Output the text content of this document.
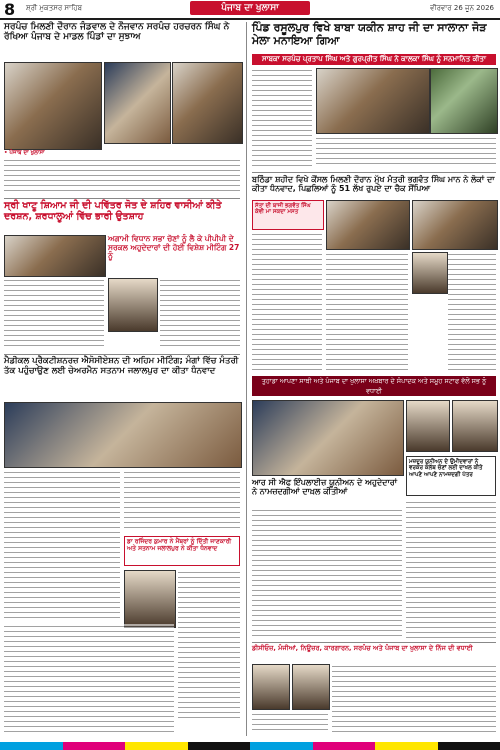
8 ਸ਼੍ਰੀ ਮੁਕਤਸਰ ਸਾਹਿਬ	ਪੰਜਾਬ ਦਾ ਖੁਲਾਸਾ	ਵੀਰਵਾਰ 26 ਜੂਨ 2026
ਸਰਪੰਚ ਮਿਲਣੀ ਦੌਰਾਨ ਜੰਡਵਾਲ ਦੇ ਨੌਜਵਾਨ ਸਰਪੰਚ ਹਰਚਰਨ ਸਿੰਘ ਨੇ ਰੱਖਿਆ ਪੰਜਾਬ ਦੇ ਮਾਡਲ ਪਿੰਡਾਂ ਦਾ ਸੁਝਾਅ
• ਪੰਜਾਬ ਦਾ ਖੁਲਾਸਾ
ਸ੍ਰੀ ਖਾਟੂ ਸ਼ਿਆਮ ਜੀ ਦੀ ਪਵਿੱਤਰ ਜੋਤ ਦੇ ਸ਼ਹਿਰ ਵਾਸੀਆਂ ਕੀਤੇ ਦਰਸ਼ਨ, ਸ਼ਰਧਾਲੂਆਂ ਵਿੱਚ ਭਾਰੀ ਉਤਸ਼ਾਹ
ਅਗਾਮੀ ਵਿਧਾਨ ਸਭਾ ਚੋਣਾਂ ਨੂੰ ਲੈ ਕੇ ਪੀਪੀਪੀ ਦੇ ਸਰਕਲ ਅਹੁਦੇਦਾਰਾਂ ਦੀ ਹੋਈ ਵਿਸ਼ੇਸ਼ ਮੀਟਿੰਗ 27 ਨੂੰ
ਮੈਡੀਕਲ ਪ੍ਰੈਕਟੀਸ਼ਨਰਜ਼ ਐਸੋਸੀਏਸ਼ਨ ਦੀ ਅਹਿਮ ਮੀਟਿੰਗ; ਮੰਗਾਂ ਵਿੱਚ ਮੰਤਰੀ ਤੱਕ ਪਹੁੰਚਾਉਣ ਲਈ ਚੇਅਰਮੈਨ ਸਤਨਾਮ ਜਲਾਲਪੁਰ ਦਾ ਕੀਤਾ ਧੰਨਵਾਦ
ਡਾ ਰਜਿੰਦਰ ਕੁਮਾਰ ਨੇ ਮੈਂਬਰਾਂ ਨੂੰ ਦਿੱਤੀ ਜਾਣਕਾਰੀ ਅਤੇ ਸਤਨਾਮ ਜਲਾਲਪੁਰ ਨੇ ਕੀਤਾ ਧੰਨਵਾਦ
ਪਿੰਡ ਰਸੂਲਪੁਰ ਵਿਖੇ ਬਾਬਾ ਯਕੀਨ ਸ਼ਾਹ ਜੀ ਦਾ ਸਾਲਾਨਾ ਜੋੜ ਮੇਲਾ ਮਨਾਇਆ ਗਿਆ
ਸਾਬਕਾ ਸਰਪੰਚ ਪ੍ਰਤਾਪ ਸਿੰਘ ਅਤੇ ਗੁਰਪ੍ਰੀਤ ਸਿੰਘ ਨੇ ਕਾਲਕਾ ਸਿੰਘ ਨੂੰ ਸਨਮਾਨਿਤ ਕੀਤਾ
ਬਠਿੰਡਾ ਸ਼ਹੀਦ ਵਿਖੇ ਕੌਂਸਲ ਮਿਲਣੀ ਦੌਰਾਨ ਮੁੱਖ ਮੰਤਰੀ ਭਗਵੰਤ ਸਿੰਘ ਮਾਨ ਨੇ ਲੋਕਾਂ ਦਾ ਕੀਤਾ ਧੰਨਵਾਦ, ਪਿਛਲਿਆਂ ਨੂੰ 51 ਲੱਖ ਰੁਪਏ ਦਾ ਚੈਕ ਸੌਂਪਿਆ
ਸੱਤਾ ਦੀ ਬਾਜੀ ਭਗਵੰਤ ਸਿੰਘ ਕੇਵੀ ਮਾ ਸਕਦਾ ਮਸਤ
ਤੁਹਾਡਾ ਆਪਣਾ ਸਾਥੀ ਅਤੇ ਪੰਜਾਬ ਦਾ ਖੁਲਾਸਾ ਅਖ਼ਬਾਰ ਦੇ ਸੰਪਾਦਕ ਅਤੇ ਸਮੂਹ ਸਟਾਫ ਵੱਲੋਂ ਸਭ ਨੂੰ ਵਧਾਈ
ਆਰ ਸੀ ਐਫ ਇੰਪਲਾਈਜ਼ ਯੂਨੀਅਨ ਦੇ ਅਹੁਦੇਦਾਰਾਂ ਨੇ ਨਾਮਜ਼ਦਗੀਆਂ ਦਾਖ਼ਲ ਕੀਤੀਆਂ
ਮਜ਼ਦੂਰ ਯੂਨੀਅਨ ਦੇ ਉਮੀਦਵਾਰਾਂ ਨੇ ਵਰਕਰ ਕਲੱਬ ਚੋਣਾਂ ਲਈ ਦਾਖਲ ਕੀਤੇ ਆਪਣੇ ਆਪਣੇ ਨਾਮਜ਼ਦਗੀ ਪੱਤਰ
ਡੀਸੀਓਜ਼, ਮੰਜੀਆਂ, ਨਿਊਜ਼ਰ, ਕਾਰਗਾਰਨ, ਸਰਪੰਚ ਅਤੇ ਪੰਜਾਬ ਦਾ ਖੁਲਾਸਾ ਦੇ ਨਿੱਜ ਦੀ ਵਧਾਈ
